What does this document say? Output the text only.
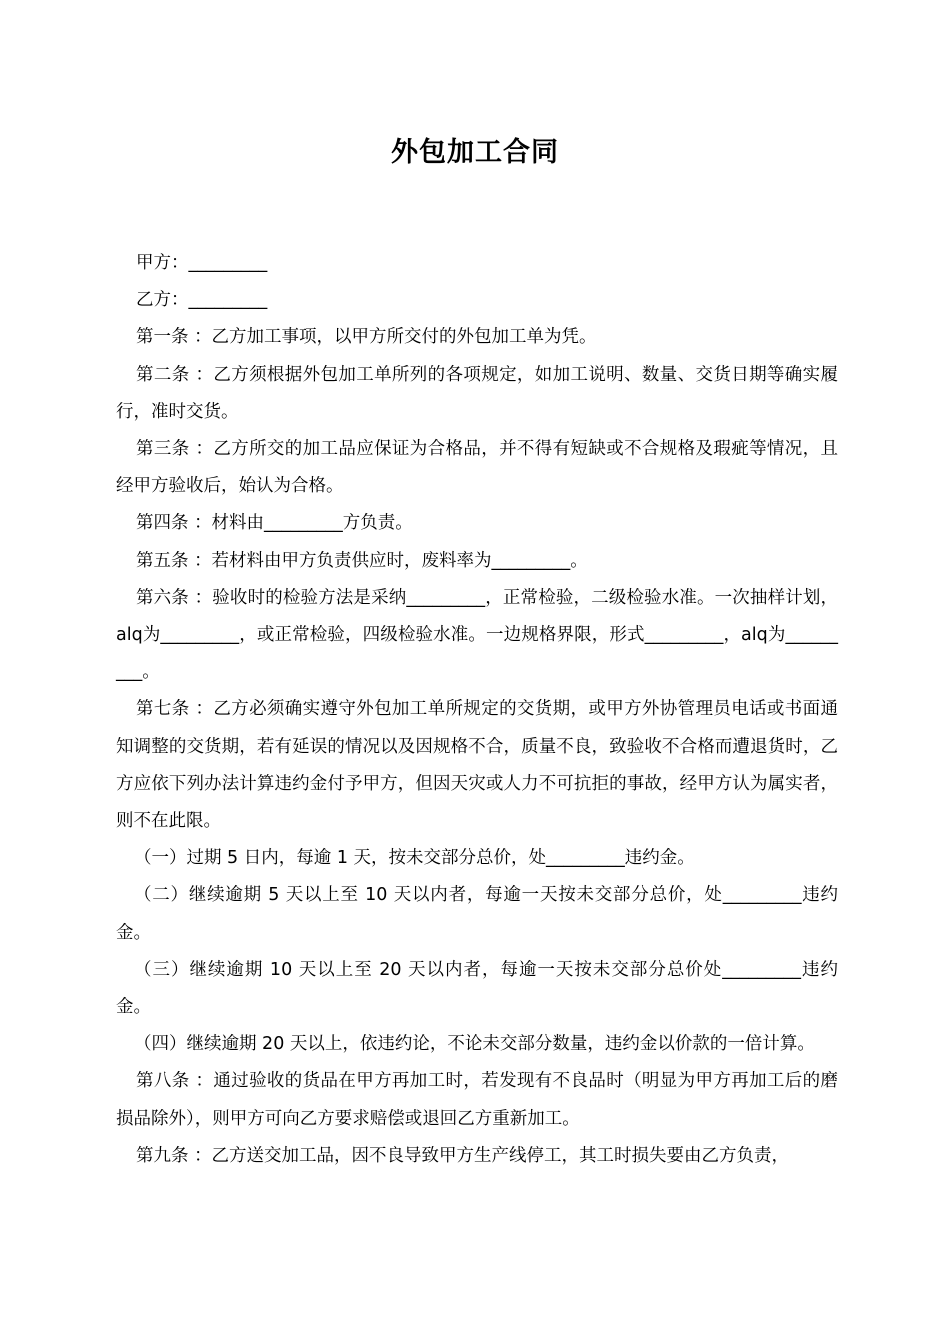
外包加工合同

甲方：_________

乙方：_________

第一条 ：乙方加工事项，以甲方所交付的外包加工单为凭。

第二条 ：乙方须根据外包加工单所列的各项规定，如加工说明、数量、交货日期等确实履行，准时交货。

第三条 ：乙方所交的加工品应保证为合格品，并不得有短缺或不合规格及瑕疵等情况，且经甲方验收后，始认为合格。

第四条 ：材料由_________方负责。

第五条 ：若材料由甲方负责供应时，废料率为_________。

第六条 ：验收时的检验方法是采纳_________，正常检验，二级检验水准。一次抽样计划，alq为_________，或正常检验，四级检验水准。一边规格界限，形式_________，alq为_________。

第七条 ：乙方必须确实遵守外包加工单所规定的交货期，或甲方外协管理员电话或书面通知调整的交货期，若有延误的情况以及因规格不合，质量不良，致验收不合格而遭退货时，乙方应依下列办法计算违约金付予甲方，但因天灾或人力不可抗拒的事故，经甲方认为属实者，则不在此限。

（一）过期 5 日内，每逾 1 天，按未交部分总价，处_________违约金。

（二）继续逾期 5 天以上至 10 天以内者，每逾一天按未交部分总价，处_________违约金。

（三）继续逾期 10 天以上至 20 天以内者，每逾一天按未交部分总价处_________违约金。

（四）继续逾期 20 天以上，依违约论，不论未交部分数量，违约金以价款的一倍计算。

第八条 ：通过验收的货品在甲方再加工时，若发现有不良品时（明显为甲方再加工后的磨损品除外），则甲方可向乙方要求赔偿或退回乙方重新加工。

第九条 ：乙方送交加工品，因不良导致甲方生产线停工，其工时损失要由乙方负责，
